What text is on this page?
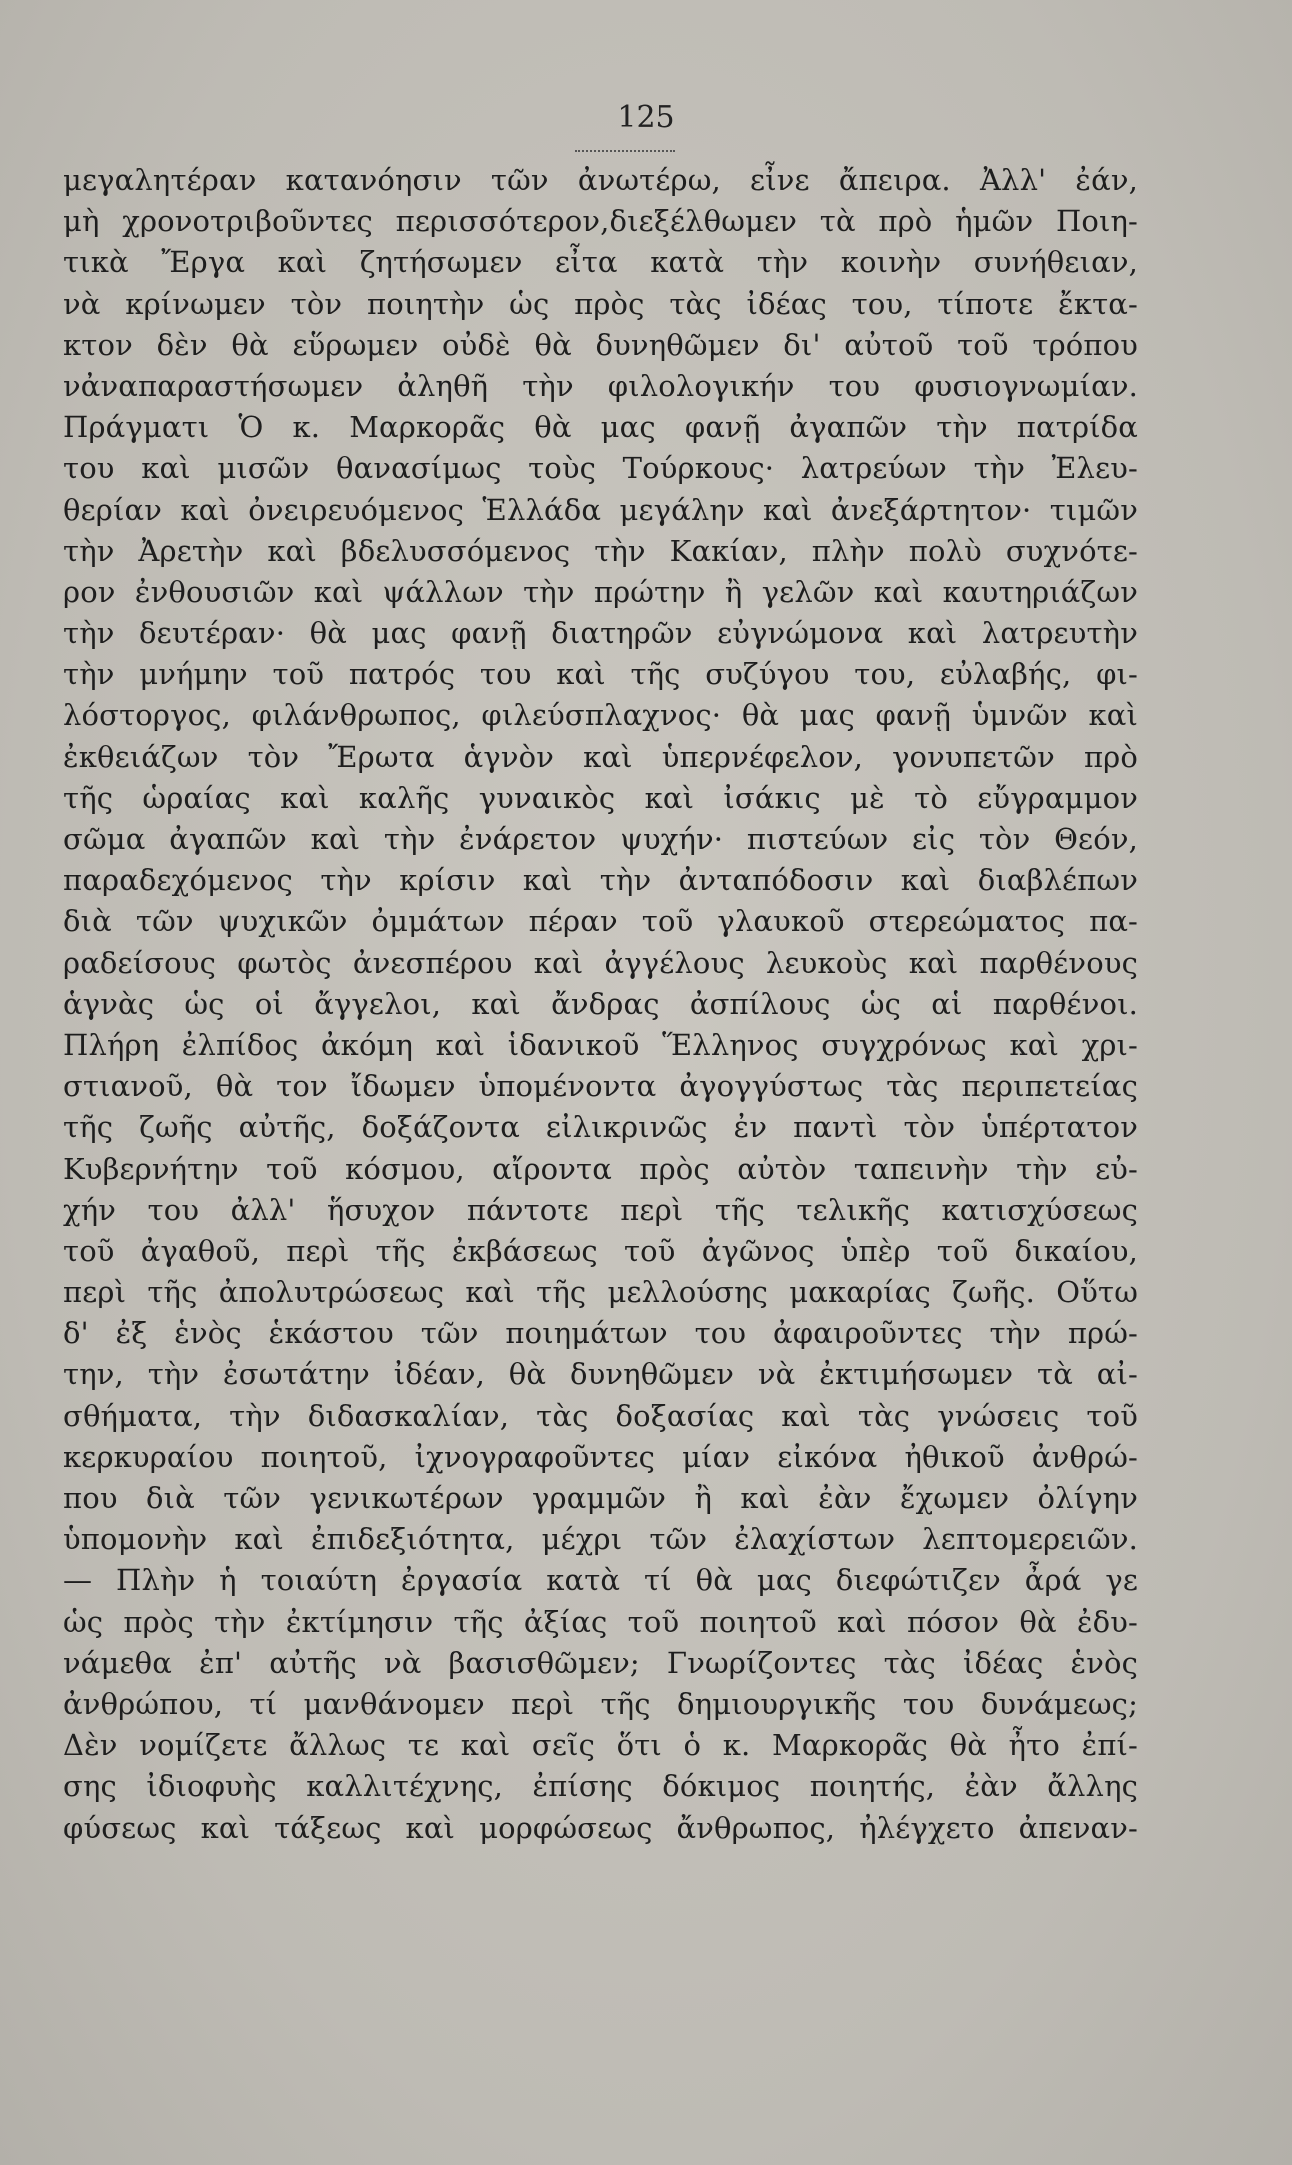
125
μεγαλητέραν κατανόησιν τῶν ἀνωτέρω, εἶνε ἄπειρα. Ἀλλ' ἐάν,
μὴ χρονοτριβοῦντες περισσότερον,διεξέλθωμεν τὰ πρὸ ἡμῶν Ποιη-
τικὰ Ἔργα καὶ ζητήσωμεν εἶτα κατὰ τὴν κοινὴν συνήθειαν,
νὰ κρίνωμεν τὸν ποιητὴν ὡς πρὸς τὰς ἰδέας του, τίποτε ἔκτα-
κτον δὲν θὰ εὕρωμεν οὐδὲ θὰ δυνηθῶμεν δι' αὐτοῦ τοῦ τρόπου
νἀναπαραστήσωμεν ἀληθῆ τὴν φιλολογικήν του φυσιογνωμίαν.
Πράγματι Ὁ κ. Μαρκορᾶς θὰ μας φανῇ ἀγαπῶν τὴν πατρίδα
του καὶ μισῶν θανασίμως τοὺς Τούρκους· λατρεύων τὴν Ἐλευ-
θερίαν καὶ ὀνειρευόμενος Ἑλλάδα μεγάλην καὶ ἀνεξάρτητον· τιμῶν
τὴν Ἀρετὴν καὶ βδελυσσόμενος τὴν Κακίαν, πλὴν πολὺ συχνότε-
ρον ἐνθουσιῶν καὶ ψάλλων τὴν πρώτην ἢ γελῶν καὶ καυτηριάζων
τὴν δευτέραν· θὰ μας φανῇ διατηρῶν εὐγνώμονα καὶ λατρευτὴν
τὴν μνήμην τοῦ πατρός του καὶ τῆς συζύγου του, εὐλαβής, φι-
λόστοργος, φιλάνθρωπος, φιλεύσπλαχνος· θὰ μας φανῇ ὑμνῶν καὶ
ἐκθειάζων τὸν Ἔρωτα ἁγνὸν καὶ ὑπερνέφελον, γονυπετῶν πρὸ
τῆς ὡραίας καὶ καλῆς γυναικὸς καὶ ἰσάκις μὲ τὸ εὔγραμμον
σῶμα ἀγαπῶν καὶ τὴν ἐνάρετον ψυχήν· πιστεύων εἰς τὸν Θεόν,
παραδεχόμενος τὴν κρίσιν καὶ τὴν ἀνταπόδοσιν καὶ διαβλέπων
διὰ τῶν ψυχικῶν ὀμμάτων πέραν τοῦ γλαυκοῦ στερεώματος πα-
ραδείσους φωτὸς ἀνεσπέρου καὶ ἀγγέλους λευκοὺς καὶ παρθένους
ἁγνὰς ὡς οἱ ἄγγελοι, καὶ ἄνδρας ἀσπίλους ὡς αἱ παρθένοι.
Πλήρη ἐλπίδος ἀκόμη καὶ ἱδανικοῦ Ἕλληνος συγχρόνως καὶ χρι-
στιανοῦ, θὰ τον ἴδωμεν ὑπομένοντα ἀγογγύστως τὰς περιπετείας
τῆς ζωῆς αὐτῆς, δοξάζοντα εἰλικρινῶς ἐν παντὶ τὸν ὑπέρτατον
Κυβερνήτην τοῦ κόσμου, αἴροντα πρὸς αὐτὸν ταπεινὴν τὴν εὐ-
χήν του ἀλλ' ἥσυχον πάντοτε περὶ τῆς τελικῆς κατισχύσεως
τοῦ ἀγαθοῦ, περὶ τῆς ἐκβάσεως τοῦ ἀγῶνος ὑπὲρ τοῦ δικαίου,
περὶ τῆς ἀπολυτρώσεως καὶ τῆς μελλούσης μακαρίας ζωῆς. Οὕτω
δ' ἐξ ἑνὸς ἑκάστου τῶν ποιημάτων του ἀφαιροῦντες τὴν πρώ-
την, τὴν ἐσωτάτην ἰδέαν, θὰ δυνηθῶμεν νὰ ἐκτιμήσωμεν τὰ αἰ-
σθήματα, τὴν διδασκαλίαν, τὰς δοξασίας καὶ τὰς γνώσεις τοῦ
κερκυραίου ποιητοῦ, ἰχνογραφοῦντες μίαν εἰκόνα ἠθικοῦ ἀνθρώ-
που διὰ τῶν γενικωτέρων γραμμῶν ἢ καὶ ἐὰν ἔχωμεν ὀλίγην
ὑπομονὴν καὶ ἐπιδεξιότητα, μέχρι τῶν ἐλαχίστων λεπτομερειῶν.
— Πλὴν ἡ τοιαύτη ἐργασία κατὰ τί θὰ μας διεφώτιζεν ἆρά γε
ὡς πρὸς τὴν ἐκτίμησιν τῆς ἀξίας τοῦ ποιητοῦ καὶ πόσον θὰ ἐδυ-
νάμεθα ἐπ' αὐτῆς νὰ βασισθῶμεν; Γνωρίζοντες τὰς ἰδέας ἑνὸς
ἀνθρώπου, τί μανθάνομεν περὶ τῆς δημιουργικῆς του δυνάμεως;
Δὲν νομίζετε ἄλλως τε καὶ σεῖς ὅτι ὁ κ. Μαρκορᾶς θὰ ἦτο ἐπί-
σης ἰδιοφυὴς καλλιτέχνης, ἐπίσης δόκιμος ποιητής, ἐὰν ἄλλης
φύσεως καὶ τάξεως καὶ μορφώσεως ἄνθρωπος, ἠλέγχετο ἀπεναν-
